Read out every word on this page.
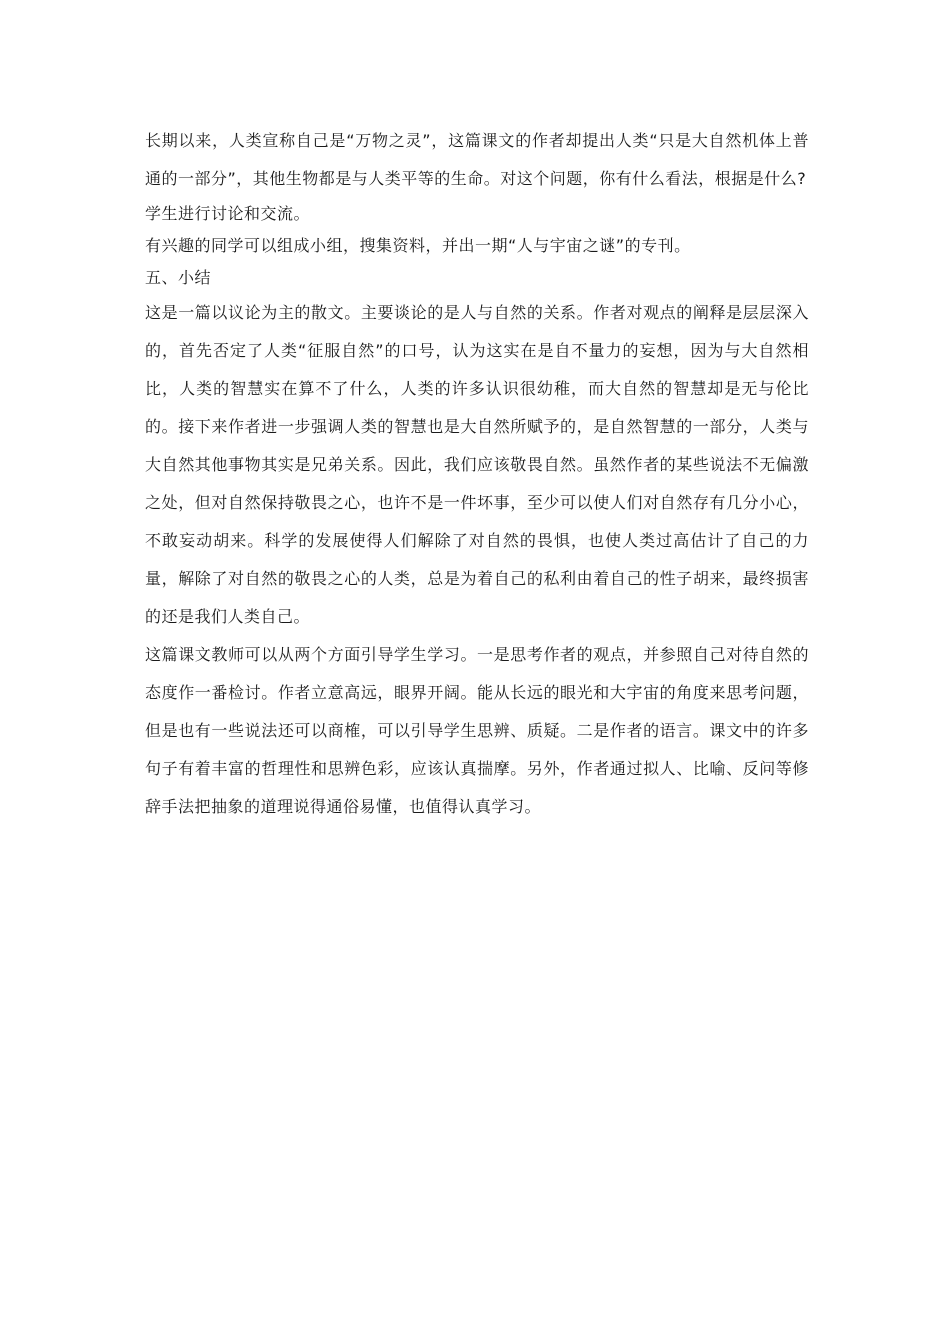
长期以来，人类宣称自己是“万物之灵”，这篇课文的作者却提出人类“只是大自然机体上普通的一部分”，其他生物都是与人类平等的生命。对这个问题，你有什么看法，根据是什么?

学生进行讨论和交流。

有兴趣的同学可以组成小组，搜集资料，并出一期“人与宇宙之谜”的专刊。

五、小结

这是一篇以议论为主的散文。主要谈论的是人与自然的关系。作者对观点的阐释是层层深入的，首先否定了人类“征服自然”的口号，认为这实在是自不量力的妄想，因为与大自然相比，人类的智慧实在算不了什么，人类的许多认识很幼稚，而大自然的智慧却是无与伦比的。接下来作者进一步强调人类的智慧也是大自然所赋予的，是自然智慧的一部分，人类与大自然其他事物其实是兄弟关系。因此，我们应该敬畏自然。虽然作者的某些说法不无偏激之处，但对自然保持敬畏之心，也许不是一件坏事，至少可以使人们对自然存有几分小心，不敢妄动胡来。科学的发展使得人们解除了对自然的畏惧，也使人类过高估计了自己的力量，解除了对自然的敬畏之心的人类，总是为着自己的私利由着自己的性子胡来，最终损害的还是我们人类自己。

这篇课文教师可以从两个方面引导学生学习。一是思考作者的观点，并参照自己对待自然的态度作一番检讨。作者立意高远，眼界开阔。能从长远的眼光和大宇宙的角度来思考问题，但是也有一些说法还可以商榷，可以引导学生思辨、质疑。二是作者的语言。课文中的许多句子有着丰富的哲理性和思辨色彩，应该认真揣摩。另外，作者通过拟人、比喻、反问等修辞手法把抽象的道理说得通俗易懂，也值得认真学习。
